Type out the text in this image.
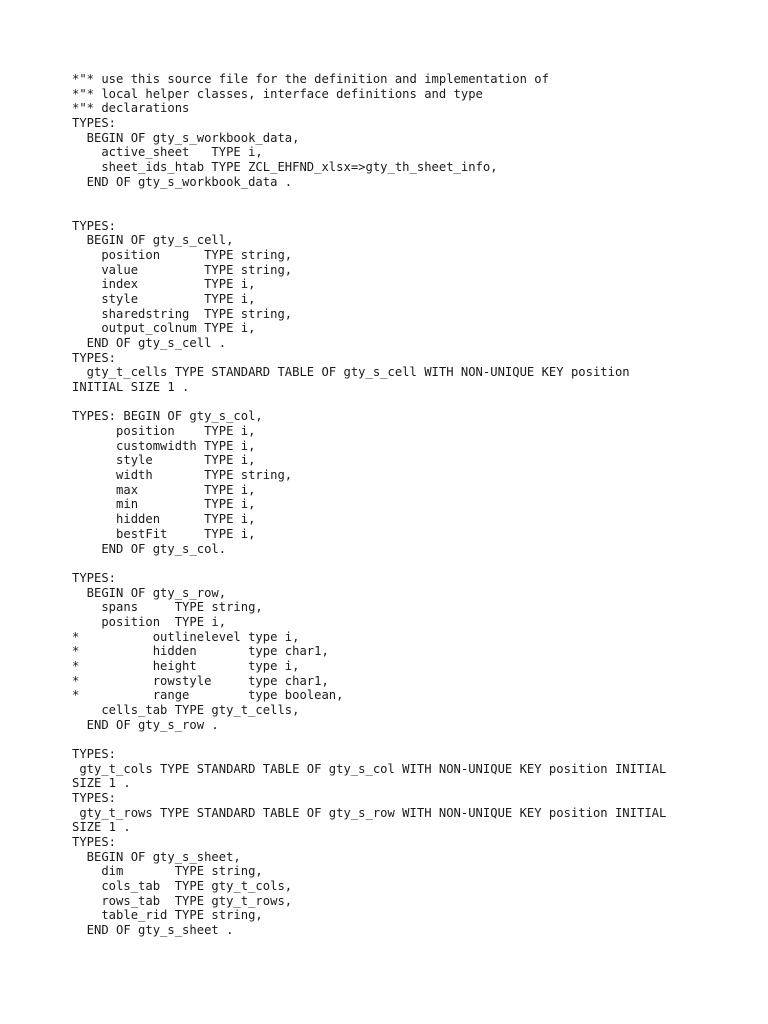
*"* use this source file for the definition and implementation of
*"* local helper classes, interface definitions and type
*"* declarations
TYPES:
BEGIN OF gty_s_workbook_data,
active_sheet   TYPE i,
sheet_ids_htab TYPE ZCL_EHFND_xlsx=>gty_th_sheet_info,
END OF gty_s_workbook_data .
TYPES:
BEGIN OF gty_s_cell,
position      TYPE string,
value         TYPE string,
index         TYPE i,
style         TYPE i,
sharedstring  TYPE string,
output_colnum TYPE i,
END OF gty_s_cell .
TYPES:
gty_t_cells TYPE STANDARD TABLE OF gty_s_cell WITH NON-UNIQUE KEY position
INITIAL SIZE 1 .
TYPES: BEGIN OF gty_s_col,
position    TYPE i,
customwidth TYPE i,
style       TYPE i,
width       TYPE string,
max         TYPE i,
min         TYPE i,
hidden      TYPE i,
bestFit     TYPE i,
END OF gty_s_col.
TYPES:
BEGIN OF gty_s_row,
spans     TYPE string,
position  TYPE i,
*          outlinelevel type i,
*          hidden       type char1,
*          height       type i,
*          rowstyle     type char1,
*          range        type boolean,
cells_tab TYPE gty_t_cells,
END OF gty_s_row .
TYPES:
gty_t_cols TYPE STANDARD TABLE OF gty_s_col WITH NON-UNIQUE KEY position INITIAL
SIZE 1 .
TYPES:
gty_t_rows TYPE STANDARD TABLE OF gty_s_row WITH NON-UNIQUE KEY position INITIAL
SIZE 1 .
TYPES:
BEGIN OF gty_s_sheet,
dim       TYPE string,
cols_tab  TYPE gty_t_cols,
rows_tab  TYPE gty_t_rows,
table_rid TYPE string,
END OF gty_s_sheet .
